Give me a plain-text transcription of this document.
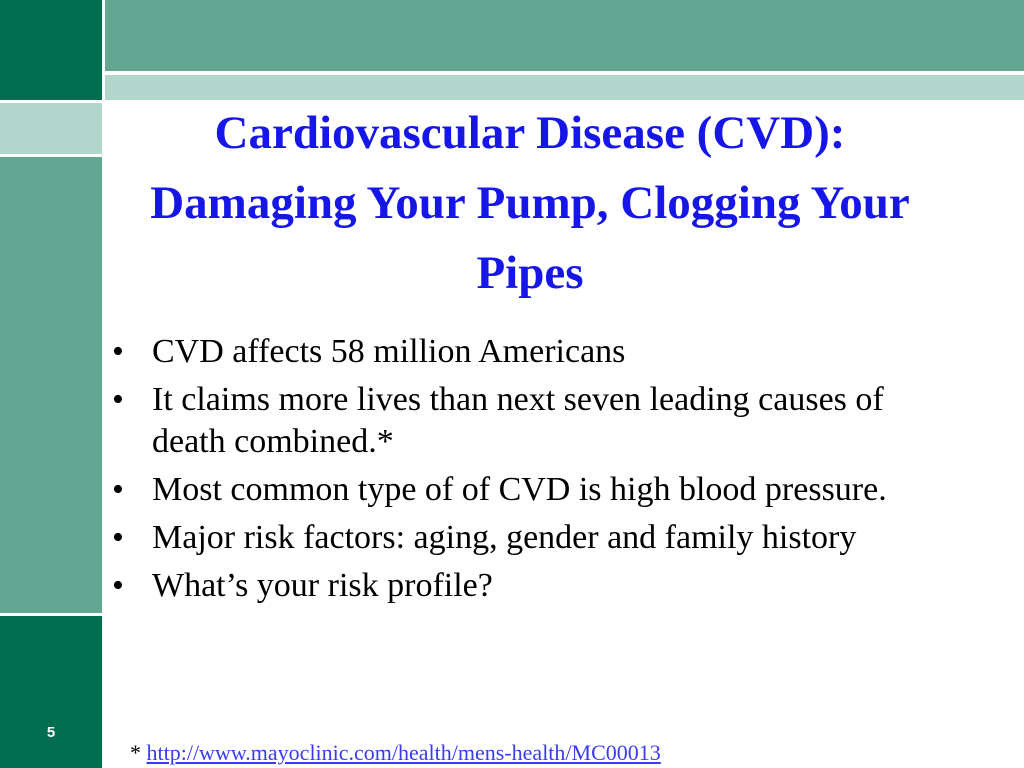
Cardiovascular Disease (CVD): Damaging Your Pump, Clogging Your Pipes
• CVD affects 58 million Americans
• It claims more lives than next seven leading causes of death combined.*
• Most common type of of CVD is high blood pressure.
• Major risk factors: aging, gender and family history
• What’s your risk profile?
* http://www.mayoclinic.com/health/mens-health/MC00013
5
